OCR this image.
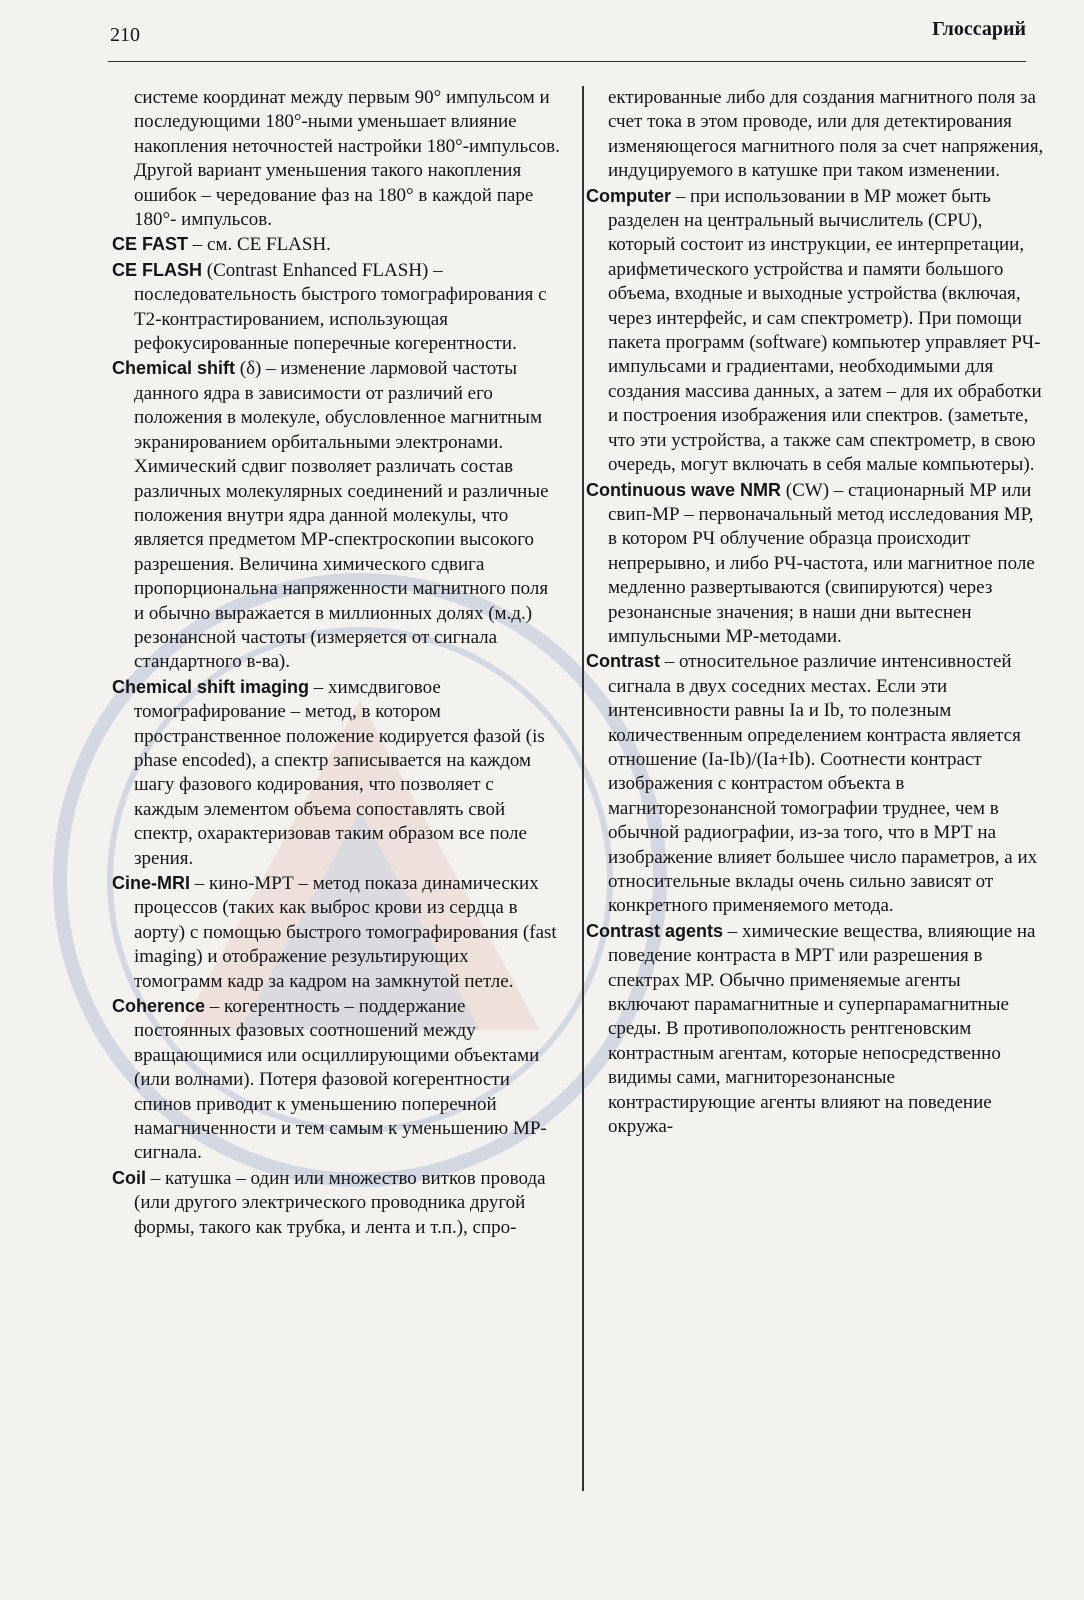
210	Глоссарий

системе координат между первым 90° импульсом и последующими 180°-ными уменьшает влияние накопления неточностей настройки 180°-импульсов. Другой вариант уменьшения такого накопления ошибок – чередование фаз на 180° в каждой паре 180°- импульсов.

CE FAST – см. CE FLASH.

CE FLASH (Contrast Enhanced FLASH) – последовательность быстрого томографирования с T2-контрастированием, использующая рефокусированные поперечные когерентности.

Chemical shift (δ) – изменение лармовой частоты данного ядра в зависимости от различий его положения в молекуле, обусловленное магнитным экранированием орбитальными электронами. Химический сдвиг позволяет различать состав различных молекулярных соединений и различные положения внутри ядра данной молекулы, что является предметом МР-спектроскопии высокого разрешения. Величина химического сдвига пропорциональна напряженности магнитного поля и обычно выражается в миллионных долях (м.д.) резонансной частоты (измеряется от сигнала стандартного в-ва).

Chemical shift imaging – химсдвиговое томографирование – метод, в котором пространственное положение кодируется фазой (is phase encoded), а спектр записывается на каждом шагу фазового кодирования, что позволяет с каждым элементом объема сопоставлять свой спектр, охарактеризовав таким образом все поле зрения.

Cine-MRI – кино-МРТ – метод показа динамических процессов (таких как выброс крови из сердца в аорту) с помощью быстрого томографирования (fast imaging) и отображение результирующих томограмм кадр за кадром на замкнутой петле.

Coherence – когерентность – поддержание постоянных фазовых соотношений между вращающимися или осциллирующими объектами (или волнами). Потеря фазовой когерентности спинов приводит к уменьшению поперечной намагниченности и тем самым к уменьшению МР-сигнала.

Coil – катушка – один или множество витков провода (или другого электрического проводника другой формы, такого как трубка, и лента и т.п.), спро-

ектированные либо для создания магнитного поля за счет тока в этом проводе, или для детектирования изменяющегося магнитного поля за счет напряжения, индуцируемого в катушке при таком изменении.

Computer – при использовании в МР может быть разделен на центральный вычислитель (CPU), который состоит из инструкции, ее интерпретации, арифметического устройства и памяти большого объема, входные и выходные устройства (включая, через интерфейс, и сам спектрометр). При помощи пакета программ (software) компьютер управляет РЧ-импульсами и градиентами, необходимыми для создания массива данных, а затем – для их обработки и построения изображения или спектров. (заметьте, что эти устройства, а также сам спектрометр, в свою очередь, могут включать в себя малые компьютеры).

Continuous wave NMR (CW) – стационарный МР или свип-МР – первоначальный метод исследования МР, в котором РЧ облучение образца происходит непрерывно, и либо РЧ-частота, или магнитное поле медленно развертываются (свипируются) через резонансные значения; в наши дни вытеснен импульсными МР-методами.

Contrast – относительное различие интенсивностей сигнала в двух соседних местах. Если эти интенсивности равны Ia и Ib, то полезным количественным определением контраста является отношение (Ia-Ib)/(Ia+Ib). Соотнести контраст изображения с контрастом объекта в магниторезонансной томографии труднее, чем в обычной радиографии, из-за того, что в МРТ на изображение влияет большее число параметров, а их относительные вклады очень сильно зависят от конкретного применяемого метода.

Contrast agents – химические вещества, влияющие на поведение контраста в МРТ или разрешения в спектрах МР. Обычно применяемые агенты включают парамагнитные и суперпарамагнитные среды. В противоположность рентгеновским контрастным агентам, которые непосредственно видимы сами, магниторезонансные контрастирующие агенты влияют на поведение окружа-
